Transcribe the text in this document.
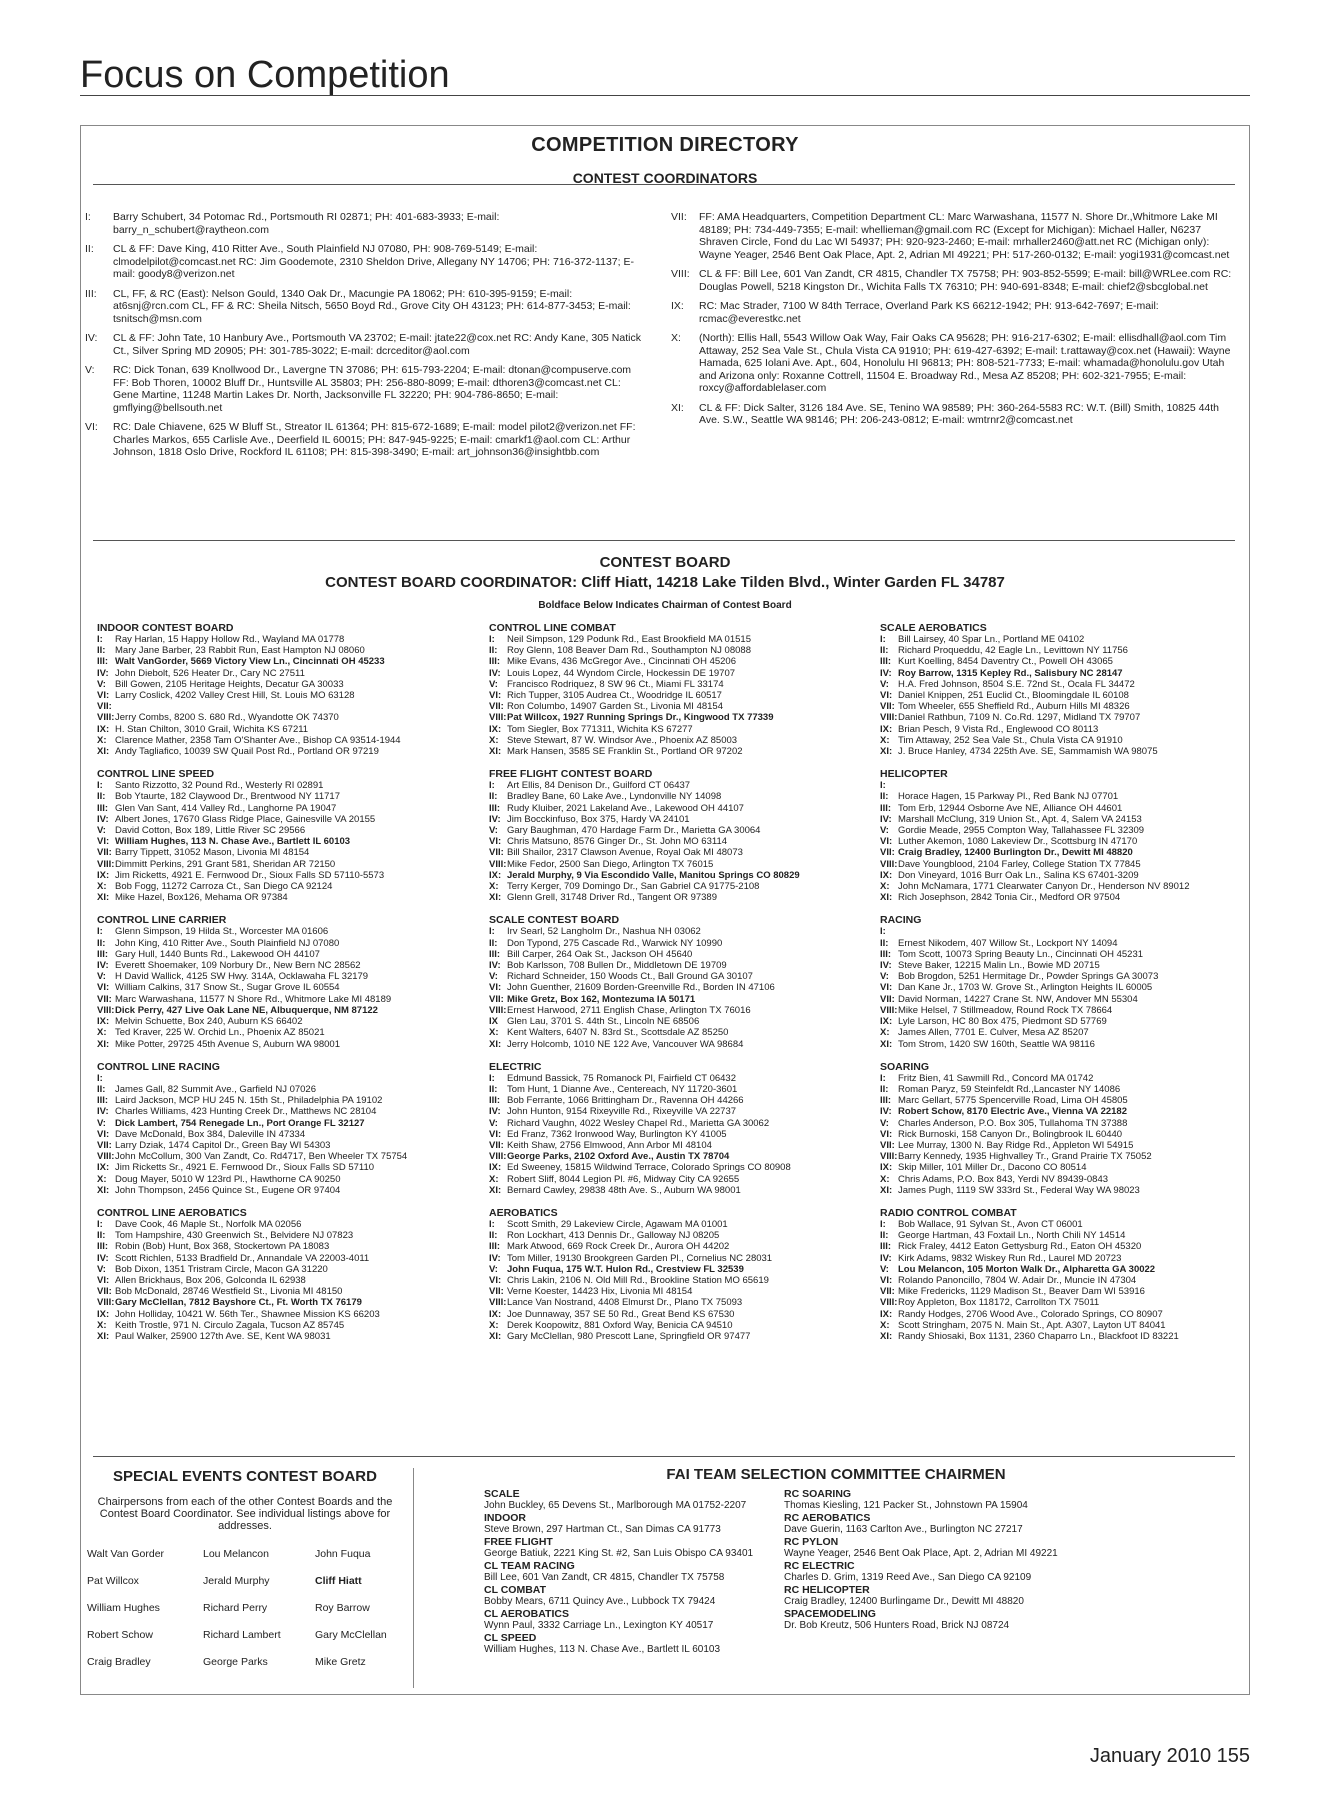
Focus on Competition
COMPETITION DIRECTORY
CONTEST COORDINATORS
I:	Barry Schubert, 34 Potomac Rd., Portsmouth RI 02871; PH: 401-683-3933; E-mail: barry_n_schubert@raytheon.com
II:	CL & FF: Dave King, 410 Ritter Ave., South Plainfield NJ 07080, PH: 908-769-5149; E-mail: clmodelpilot@comcast.net RC: Jim Goodemote, 2310 Sheldon Drive, Allegany NY 14706; PH: 716-372-1137; E-mail: goody8@verizon.net
III:	CL, FF, & RC (East): Nelson Gould, 1340 Oak Dr., Macungie PA 18062; PH: 610-395-9159; E-mail: at6snj@rcn.com CL, FF & RC: Sheila Nitsch, 5650 Boyd Rd., Grove City OH 43123; PH: 614-877-3453; E-mail: tsnitsch@msn.com
IV:	CL & FF: John Tate, 10 Hanbury Ave., Portsmouth VA 23702; E-mail: jtate22@cox.net RC: Andy Kane, 305 Natick Ct., Silver Spring MD 20905; PH: 301-785-3022; E-mail: dcrceditor@aol.com
V:	RC: Dick Tonan, 639 Knollwood Dr., Lavergne TN 37086; PH: 615-793-2204; E-mail: dtonan@compuserve.com FF: Bob Thoren, 10002 Bluff Dr., Huntsville AL 35803; PH: 256-880-8099; E-mail: dthoren3@comcast.net CL: Gene Martine, 11248 Martin Lakes Dr. North, Jacksonville FL 32220; PH: 904-786-8650; E-mail: gmflying@bellsouth.net
VI:	RC: Dale Chiavene, 625 W Bluff St., Streator IL 61364; PH: 815-672-1689; E-mail: model pilot2@verizon.net FF: Charles Markos, 655 Carlisle Ave., Deerfield IL 60015; PH: 847-945-9225; E-mail: cmarkf1@aol.com CL: Arthur Johnson, 1818 Oslo Drive, Rockford IL 61108; PH: 815-398-3490; E-mail: art_johnson36@insightbb.com
VII:	FF: AMA Headquarters, Competition Department CL: Marc Warwashana, 11577 N. Shore Dr.,Whitmore Lake MI 48189; PH: 734-449-7355; E-mail: whellieman@gmail.com RC (Except for Michigan): Michael Haller, N6237 Shraven Circle, Fond du Lac WI 54937; PH: 920-923-2460; E-mail: mrhaller2460@att.net RC (Michigan only): Wayne Yeager, 2546 Bent Oak Place, Apt. 2, Adrian MI 49221; PH: 517-260-0132; E-mail: yogi1931@comcast.net
VIII: CL & FF: Bill Lee, 601 Van Zandt, CR 4815, Chandler TX 75758; PH: 903-852-5599; E-mail: bill@WRLee.com RC: Douglas Powell, 5218 Kingston Dr., Wichita Falls TX 76310; PH: 940-691-8348; E-mail: chief2@sbcglobal.net
IX:	RC: Mac Strader, 7100 W 84th Terrace, Overland Park KS 66212-1942; PH: 913-642-7697; E-mail: rcmac@everestkc.net
X:	(North): Ellis Hall, 5543 Willow Oak Way, Fair Oaks CA 95628; PH: 916-217-6302; E-mail: ellisdhall@aol.com Tim Attaway, 252 Sea Vale St., Chula Vista CA 91910; PH: 619-427-6392; E-mail: t.rattaway@cox.net (Hawaii): Wayne Hamada, 625 Iolani Ave. Apt., 604, Honolulu HI 96813; PH: 808-521-7733; E-mail: whamada@honolulu.gov Utah and Arizona only: Roxanne Cottrell, 11504 E. Broadway Rd., Mesa AZ 85208; PH: 602-321-7955; E-mail: roxcy@affordablelaser.com
XI:	CL & FF: Dick Salter, 3126 184 Ave. SE, Tenino WA 98589; PH: 360-264-5583 RC: W.T. (Bill) Smith, 10825 44th Ave. S.W., Seattle WA 98146; PH: 206-243-0812; E-mail: wmtrnr2@comcast.net
CONTEST BOARD
CONTEST BOARD COORDINATOR: Cliff Hiatt, 14218 Lake Tilden Blvd., Winter Garden FL 34787
Boldface Below Indicates Chairman of Contest Board
INDOOR CONTEST BOARD
I:	Ray Harlan, 15 Happy Hollow Rd., Wayland MA 01778
II:	Mary Jane Barber, 23 Rabbit Run, East Hampton NJ 08060
III: Walt VanGorder, 5669 Victory View Ln., Cincinnati OH 45233
IV: John Diebolt, 526 Heater Dr., Cary NC 27511
V: Bill Gowen, 2105 Heritage Heights, Decatur GA 30033
VI: Larry Coslick, 4202 Valley Crest Hill, St. Louis MO 63128
VII:
VIII: Jerry Combs, 8200 S. 680 Rd., Wyandotte OK 74370
IX: H. Stan Chilton, 3010 Grail, Wichita KS 67211
X: Clarence Mather, 2358 Tam O'Shanter Ave., Bishop CA 93514-1944
XI: Andy Tagliafico, 10039 SW Quail Post Rd., Portland OR 97219
CONTROL LINE SPEED
I:	Santo Rizzotto, 32 Pound Rd., Westerly RI 02891
II:	Bob Ytaurte, 182 Claywood Dr., Brentwood NY 11717
III: Glen Van Sant, 414 Valley Rd., Langhorne PA 19047
IV: Albert Jones, 17670 Glass Ridge Place, Gainesville VA 20155
V: David Cotton, Box 189, Little River SC 29566
VI: William Hughes, 113 N. Chase Ave., Bartlett IL 60103
VII: Barry Tippett, 31052 Mason, Livonia MI 48154
VIII: Dimmitt Perkins, 291 Grant 581, Sheridan AR 72150
IX: Jim Ricketts, 4921 E. Fernwood Dr., Sioux Falls SD 57110-5573
X: Bob Fogg, 11272 Carroza Ct., San Diego CA 92124
XI: Mike Hazel, Box126, Mehama OR 97384
CONTROL LINE CARRIER
I:	Glenn Simpson, 19 Hilda St., Worcester MA 01606
II:	John King, 410 Ritter Ave., South Plainfield NJ 07080
III: Gary Hull, 1440 Bunts Rd., Lakewood OH 44107
IV: Everett Shoemaker, 109 Norbury Dr., New Bern NC 28562
V: H David Wallick, 4125 SW Hwy. 314A, Ocklawaha FL 32179
VI: William Calkins, 317 Snow St., Sugar Grove IL 60554
VII: Marc Warwashana, 11577 N Shore Rd., Whitmore Lake MI 48189
VIII: Dick Perry, 427 Live Oak Lane NE, Albuquerque, NM 87122
IX: Melvin Schuette, Box 240, Auburn KS 66402
X: Ted Kraver, 225 W. Orchid Ln., Phoenix AZ 85021
XI: Mike Potter, 29725 45th Avenue S, Auburn WA 98001
CONTROL LINE RACING
I:
II:	James Gall, 82 Summit Ave., Garfield NJ 07026
III: Laird Jackson, MCP HU 245 N. 15th St., Philadelphia PA 19102
IV: Charles Williams, 423 Hunting Creek Dr., Matthews NC 28104
V: Dick Lambert, 754 Renegade Ln., Port Orange FL 32127
VI: Dave McDonald, Box 384, Daleville IN 47334
VII: Larry Dziak, 1474 Capitol Dr., Green Bay WI 54303
VIII: John McCollum, 300 Van Zandt, Co. Rd4717, Ben Wheeler TX 75754
IX: Jim Ricketts Sr., 4921 E. Fernwood Dr., Sioux Falls SD 57110
X: Doug Mayer, 5010 W 123rd Pl., Hawthorne CA 90250
XI: John Thompson, 2456 Quince St., Eugene OR 97404
CONTROL LINE AEROBATICS
I:	Dave Cook, 46 Maple St., Norfolk MA 02056
II:	Tom Hampshire, 430 Greenwich St., Belvidere NJ 07823
III: Robin (Bob) Hunt, Box 368, Stockertown PA 18083
IV: Scott Richlen, 5133 Bradfield Dr., Annandale VA 22003-4011
V: Bob Dixon, 1351 Tristram Circle, Macon GA 31220
VI: Allen Brickhaus, Box 206, Golconda IL 62938
VII: Bob McDonald, 28746 Westfield St., Livonia MI 48150
VIII: Gary McClellan, 7812 Bayshore Ct., Ft. Worth TX 76179
IX: John Holliday, 10421 W. 56th Ter., Shawnee Mission KS 66203
X: Keith Trostle, 971 N. Circulo Zagala, Tucson AZ 85745
XI: Paul Walker, 25900 127th Ave. SE, Kent WA 98031
CONTROL LINE COMBAT
I:	Neil Simpson, 129 Podunk Rd., East Brookfield MA 01515
II:	Roy Glenn, 108 Beaver Dam Rd., Southampton NJ 08088
III: Mike Evans, 436 McGregor Ave., Cincinnati OH 45206
IV: Louis Lopez, 44 Wyndom Circle, Hockessin DE 19707
V: Francisco Rodriquez, 8 SW 96 Ct., Miami FL 33174
VI: Rich Tupper, 3105 Audrea Ct., Woodridge IL 60517
VII: Ron Columbo, 14907 Garden St., Livonia MI 48154
VIII: Pat Willcox, 1927 Running Springs Dr., Kingwood TX 77339
IX: Tom Siegler, Box 771311, Wichita KS 67277
X: Steve Stewart, 87 W. Windsor Ave., Phoenix AZ 85003
XI: Mark Hansen, 3585 SE Franklin St., Portland OR 97202
FREE FLIGHT CONTEST BOARD
I:	Art Ellis, 84 Denison Dr., Guilford CT 06437
II:	Bradley Bane, 60 Lake Ave., Lyndonville NY 14098
III: Rudy Kluiber, 2021 Lakeland Ave., Lakewood OH 44107
IV: Jim Bocckinfuso, Box 375, Hardy VA 24101
V: Gary Baughman, 470 Hardage Farm Dr., Marietta GA 30064
VI: Chris Matsuno, 8576 Ginger Dr., St. John MO 63114
VII: Bill Shailor, 2317 Clawson Avenue, Royal Oak MI 48073
VIII: Mike Fedor, 2500 San Diego, Arlington TX 76015
IX: Jerald Murphy, 9 Via Escondido Valle, Manitou Springs CO 80829
X: Terry Kerger, 709 Domingo Dr., San Gabriel CA 91775-2108
XI: Glenn Grell, 31748 Driver Rd., Tangent OR 97389
SCALE CONTEST BOARD
I:	Irv Searl, 52 Langholm Dr., Nashua NH 03062
II:	Don Typond, 275 Cascade Rd., Warwick NY 10990
III: Bill Carper, 264 Oak St., Jackson OH 45640
IV: Bob Karlsson, 708 Bullen Dr., Middletown DE 19709
V: Richard Schneider, 150 Woods Ct., Ball Ground GA 30107
VI: John Guenther, 21609 Borden-Greenville Rd., Borden IN 47106
VII: Mike Gretz, Box 162, Montezuma IA 50171
VIII: Ernest Harwood, 2711 English Chase, Arlington TX 76016
IX Glen Lau, 3701 S. 44th St., Lincoln NE 68506
X: Kent Walters, 6407 N. 83rd St., Scottsdale AZ 85250
XI: Jerry Holcomb, 1010 NE 122 Ave, Vancouver WA 98684
ELECTRIC
I:	Edmund Bassick, 75 Romanock Pl, Fairfield CT 06432
II:	Tom Hunt, 1 Dianne Ave., Centereach, NY 11720-3601
III: Bob Ferrante, 1066 Brittingham Dr., Ravenna OH 44266
IV: John Hunton, 9154 Rixeyville Rd., Rixeyville VA 22737
V: Richard Vaughn, 4022 Wesley Chapel Rd., Marietta GA 30062
VI: Ed Franz, 7362 Ironwood Way, Burlington KY 41005
VII: Keith Shaw, 2756 Elmwood, Ann Arbor MI 48104
VIII: George Parks, 2102 Oxford Ave., Austin TX 78704
IX: Ed Sweeney, 15815 Wildwind Terrace, Colorado Springs CO 80908
X: Robert Sliff, 8044 Legion Pl. #6, Midway City CA 92655
XI: Bernard Cawley, 29838 48th Ave. S., Auburn WA 98001
AEROBATICS
I:	Scott Smith, 29 Lakeview Circle, Agawam MA 01001
II:	Ron Lockhart, 413 Dennis Dr., Galloway NJ 08205
III: Mark Atwood, 669 Rock Creek Dr., Aurora OH 44202
IV: Tom Miller, 19130 Brookgreen Garden Pl., Cornelius NC 28031
V: John Fuqua, 175 W.T. Hulon Rd., Crestview FL 32539
VI: Chris Lakin, 2106 N. Old Mill Rd., Brookline Station MO 65619
VII: Verne Koester, 14423 Hix, Livonia MI 48154
VIII: Lance Van Nostrand, 4408 Elmurst Dr., Plano TX 75093
IX: Joe Dunnaway, 357 SE 50 Rd., Great Bend KS 67530
X: Derek Koopowitz, 881 Oxford Way, Benicia CA 94510
XI: Gary McClellan, 980 Prescott Lane, Springfield OR 97477
SCALE AEROBATICS
I:	Bill Lairsey, 40 Spar Ln., Portland ME 04102
II:	Richard Proqueddu, 42 Eagle Ln., Levittown NY 11756
III: Kurt Koelling, 8454 Daventry Ct., Powell OH 43065
IV: Roy Barrow, 1315 Kepley Rd., Salisbury NC 28147
V: H.A. Fred Johnson, 8504 S.E. 72nd St., Ocala FL 34472
VI: Daniel Knippen, 251 Euclid Ct., Bloomingdale IL 60108
VII: Tom Wheeler, 655 Sheffield Rd., Auburn Hills MI 48326
VIII: Daniel Rathbun, 7109 N. Co.Rd. 1297, Midland TX 79707
IX: Brian Pesch, 9 Vista Rd., Englewood CO 80113
X: Tim Attaway, 252 Sea Vale St., Chula Vista CA 91910
XI: J. Bruce Hanley, 4734 225th Ave. SE, Sammamish WA 98075
HELICOPTER
I:
II:	Horace Hagen, 15 Parkway Pl., Red Bank NJ 07701
III: Tom Erb, 12944 Osborne Ave NE, Alliance OH 44601
IV: Marshall McClung, 319 Union St., Apt. 4, Salem VA 24153
V: Gordie Meade, 2955 Compton Way, Tallahassee FL 32309
VI: Luther Akemon, 1080 Lakeview Dr., Scottsburg IN 47170
VII: Craig Bradley, 12400 Burlington Dr., Dewitt MI 48820
VIII: Dave Youngblood, 2104 Farley, College Station TX 77845
IX: Don Vineyard, 1016 Burr Oak Ln., Salina KS 67401-3209
X: John McNamara, 1771 Clearwater Canyon Dr., Henderson NV 89012
XI: Rich Josephson, 2842 Tonia Cir., Medford OR 97504
RACING
I:
II:	Ernest Nikodem, 407 Willow St., Lockport NY 14094
III: Tom Scott, 10073 Spring Beauty Ln., Cincinnati OH 45231
IV: Steve Baker, 12215 Malin Ln., Bowie MD 20715
V: Bob Brogdon, 5251 Hermitage Dr., Powder Springs GA 30073
VI: Dan Kane Jr., 1703 W. Grove St., Arlington Heights IL 60005
VII: David Norman, 14227 Crane St. NW, Andover MN 55304
VIII: Mike Helsel, 7 Stillmeadow, Round Rock TX 78664
IX: Lyle Larson, HC 80 Box 475, Piedmont SD 57769
X: James Allen, 7701 E. Culver, Mesa AZ 85207
XI: Tom Strom, 1420 SW 160th, Seattle WA 98116
SOARING
I:	Fritz Bien, 41 Sawmill Rd., Concord MA 01742
II:	Roman Paryz, 59 Steinfeldt Rd.,Lancaster NY 14086
III: Marc Gellart, 5775 Spencerville Road, Lima OH 45805
IV: Robert Schow, 8170 Electric Ave., Vienna VA 22182
V: Charles Anderson, P.O. Box 305, Tullahoma TN 37388
VI: Rick Burnoski, 158 Canyon Dr., Bolingbrook IL 60440
VII: Lee Murray, 1300 N. Bay Ridge Rd., Appleton WI 54915
VIII: Barry Kennedy, 1935 Highvalley Tr., Grand Prairie TX 75052
IX: Skip Miller, 101 Miller Dr., Dacono CO 80514
X: Chris Adams, P.O. Box 843, Yerdi NV 89439-0843
XI: James Pugh, 1119 SW 333rd St., Federal Way WA 98023
RADIO CONTROL COMBAT
I:	Bob Wallace, 91 Sylvan St., Avon CT 06001
II:	George Hartman, 43 Foxtail Ln., North Chili NY 14514
III: Rick Fraley, 4412 Eaton Gettysburg Rd., Eaton OH 45320
IV: Kirk Adams, 9832 Wiskey Run Rd., Laurel MD 20723
V: Lou Melancon, 105 Morton Walk Dr., Alpharetta GA 30022
VI: Rolando Panoncillo, 7804 W. Adair Dr., Muncie IN 47304
VII: Mike Fredericks, 1129 Madison St., Beaver Dam WI 53916
VIII: Roy Appleton, Box 118172, Carrollton TX 75011
IX: Randy Hodges, 2706 Wood Ave., Colorado Springs, CO 80907
X: Scott Stringham, 2075 N. Main St., Apt. A307, Layton UT 84041
XI: Randy Shiosaki, Box 1131, 2360 Chaparro Ln., Blackfoot ID 83221
SPECIAL EVENTS CONTEST BOARD
Chairpersons from each of the other Contest Boards and the Contest Board Coordinator. See individual listings above for addresses.
Walt Van Gorder	Lou Melancon	John Fuqua
Pat Willcox	Jerald Murphy	Cliff Hiatt
William Hughes	Richard Perry	Roy Barrow
Robert Schow	Richard Lambert	Gary McClellan
Craig Bradley	George Parks	Mike Gretz
FAI TEAM SELECTION COMMITTEE CHAIRMEN
SCALE
John Buckley, 65 Devens St., Marlborough MA 01752-2207
INDOOR
Steve Brown, 297 Hartman Ct., San Dimas CA 91773
FREE FLIGHT
George Batiuk, 2221 King St. #2, San Luis Obispo CA 93401
CL TEAM RACING
Bill Lee, 601 Van Zandt, CR 4815, Chandler TX 75758
CL COMBAT
Bobby Mears, 6711 Quincy Ave., Lubbock TX 79424
CL AEROBATICS
Wynn Paul, 3332 Carriage Ln., Lexington KY 40517
CL SPEED
William Hughes, 113 N. Chase Ave., Bartlett IL 60103
RC SOARING
Thomas Kiesling, 121 Packer St., Johnstown PA 15904
RC AEROBATICS
Dave Guerin, 1163 Carlton Ave., Burlington NC 27217
RC PYLON
Wayne Yeager, 2546 Bent Oak Place, Apt. 2, Adrian MI 49221
RC ELECTRIC
Charles D. Grim, 1319 Reed Ave., San Diego CA 92109
RC HELICOPTER
Craig Bradley, 12400 Burlingame Dr., Dewitt MI 48820
SPACEMODELING
Dr. Bob Kreutz, 506 Hunters Road, Brick NJ 08724
January 2010 155
